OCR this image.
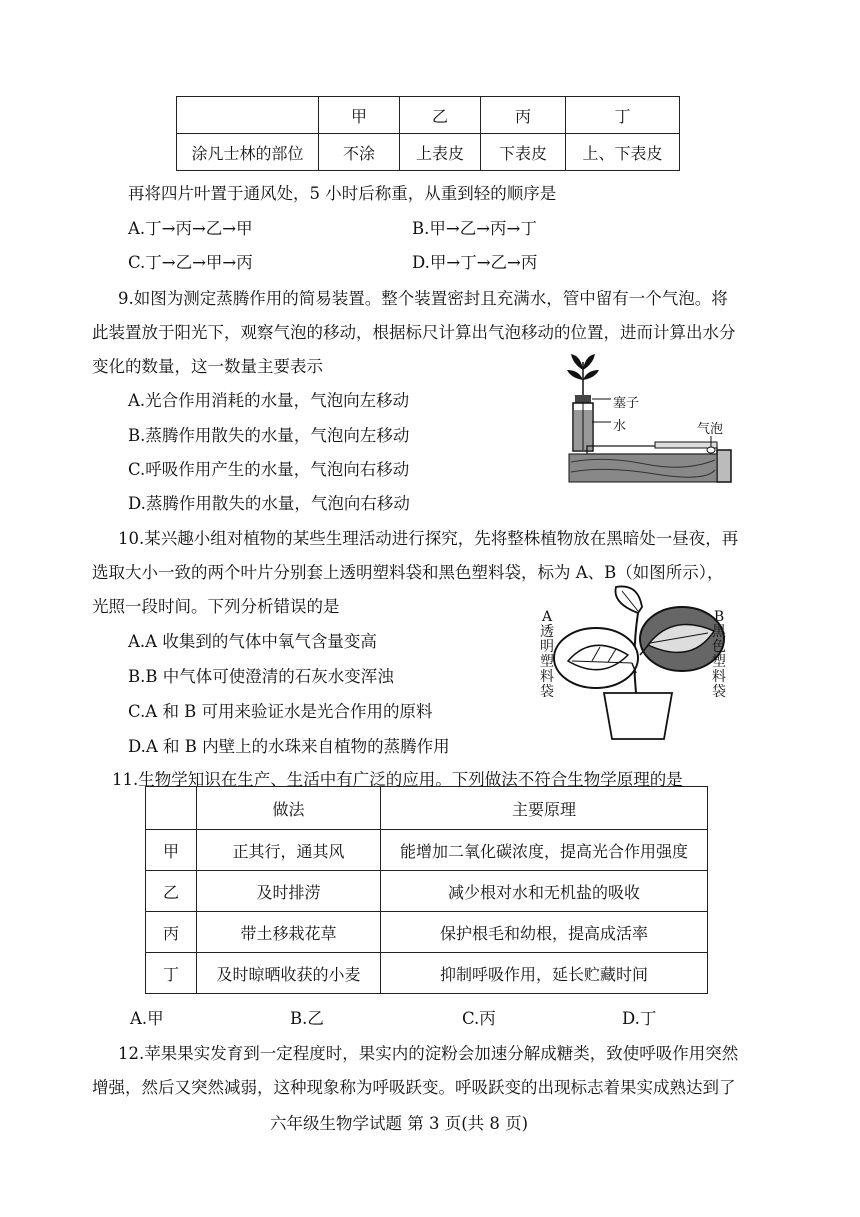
	甲	乙	丙	丁
涂凡士林的部位	不涂	上表皮	下表皮	上、下表皮
再将四片叶置于通风处，5 小时后称重，从重到轻的顺序是
A.丁→丙→乙→甲	B.甲→乙→丙→丁
C.丁→乙→甲→丙	D.甲→丁→乙→丙
9.如图为测定蒸腾作用的简易装置。整个装置密封且充满水，管中留有一个气泡。将
此装置放于阳光下，观察气泡的移动，根据标尺计算出气泡移动的位置，进而计算出水分
变化的数量，这一数量主要表示
A.光合作用消耗的水量，气泡向左移动
B.蒸腾作用散失的水量，气泡向左移动
C.呼吸作用产生的水量，气泡向右移动
D.蒸腾作用散失的水量，气泡向右移动
塞子
水	气泡
10.某兴趣小组对植物的某些生理活动进行探究，先将整株植物放在黑暗处一昼夜，再
选取大小一致的两个叶片分别套上透明塑料袋和黑色塑料袋，标为 A、B（如图所示），
光照一段时间。下列分析错误的是
A.A 收集到的气体中氧气含量变高
B.B 中气体可使澄清的石灰水变浑浊
C.A 和 B 可用来验证水是光合作用的原料
D.A 和 B 内壁上的水珠来自植物的蒸腾作用
A透明塑料袋
B黑色塑料袋
11.生物学知识在生产、生活中有广泛的应用。下列做法不符合生物学原理的是
	做法	主要原理
甲	正其行，通其风	能增加二氧化碳浓度，提高光合作用强度
乙	及时排涝	减少根对水和无机盐的吸收
丙	带土移栽花草	保护根毛和幼根，提高成活率
丁	及时晾晒收获的小麦	抑制呼吸作用，延长贮藏时间
A.甲	B.乙	C.丙	D.丁
12.苹果果实发育到一定程度时，果实内的淀粉会加速分解成糖类，致使呼吸作用突然
增强，然后又突然减弱，这种现象称为呼吸跃变。呼吸跃变的出现标志着果实成熟达到了
六年级生物学试题 第 3 页(共 8 页)
